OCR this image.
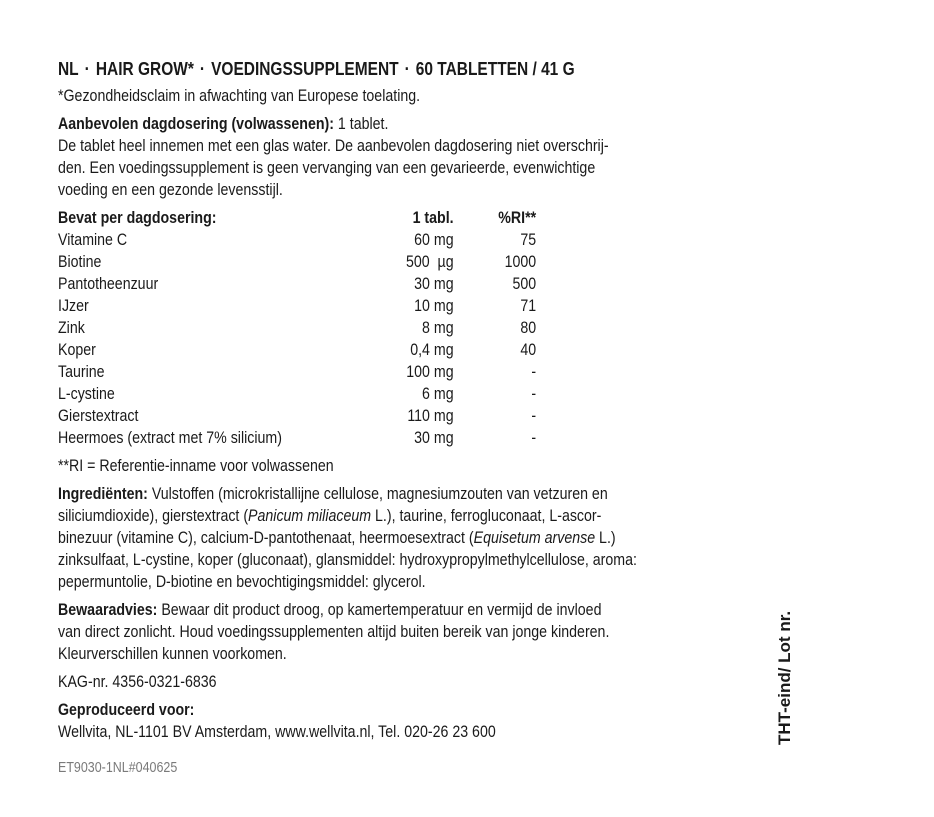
NL · HAIR GROW* · VOEDINGSSUPPLEMENT · 60 TABLETTEN / 41 G

*Gezondheidsclaim in afwachting van Europese toelating.

Aanbevolen dagdosering (volwassenen): 1 tablet.

De tablet heel innemen met een glas water. De aanbevolen dagdosering niet overschrij-

den. Een voedingssupplement is geen vervanging van een gevarieerde, evenwichtige

voeding en een gezonde levensstijl.

Bevat per dagdosering:	1 tabl.	%RI**
Vitamine C	60 mg	75
Biotine	500  µg	1000
Pantotheenzuur	30 mg	500
IJzer	10 mg	71
Zink	8 mg	80
Koper	0,4 mg	40
Taurine	100 mg	-
L-cystine	6 mg	-
Gierstextract	110 mg	-
Heermoes (extract met 7% silicium)	30 mg	-

**RI = Referentie-inname voor volwassenen

Ingrediënten: Vulstoffen (microkristallijne cellulose, magnesiumzouten van vetzuren en

siliciumdioxide), gierstextract (Panicum miliaceum L.), taurine, ferrogluconaat, L-ascor-

binezuur (vitamine C), calcium-D-pantothenaat, heermoesextract (Equisetum arvense L.)

zinksulfaat, L-cystine, koper (gluconaat), glansmiddel: hydroxypropylmethylcellulose, aroma:

pepermuntolie, D-biotine en bevochtigingsmiddel: glycerol.

Bewaaradvies: Bewaar dit product droog, op kamertemperatuur en vermijd de invloed

van direct zonlicht. Houd voedingssupplementen altijd buiten bereik van jonge kinderen.

Kleurverschillen kunnen voorkomen.

KAG-nr. 4356-0321-6836

Geproduceerd voor:

Wellvita, NL-1101 BV Amsterdam, www.wellvita.nl, Tel. 020-26 23 600

ET9030-1NL#040625

THT-eind/ Lot nr.
